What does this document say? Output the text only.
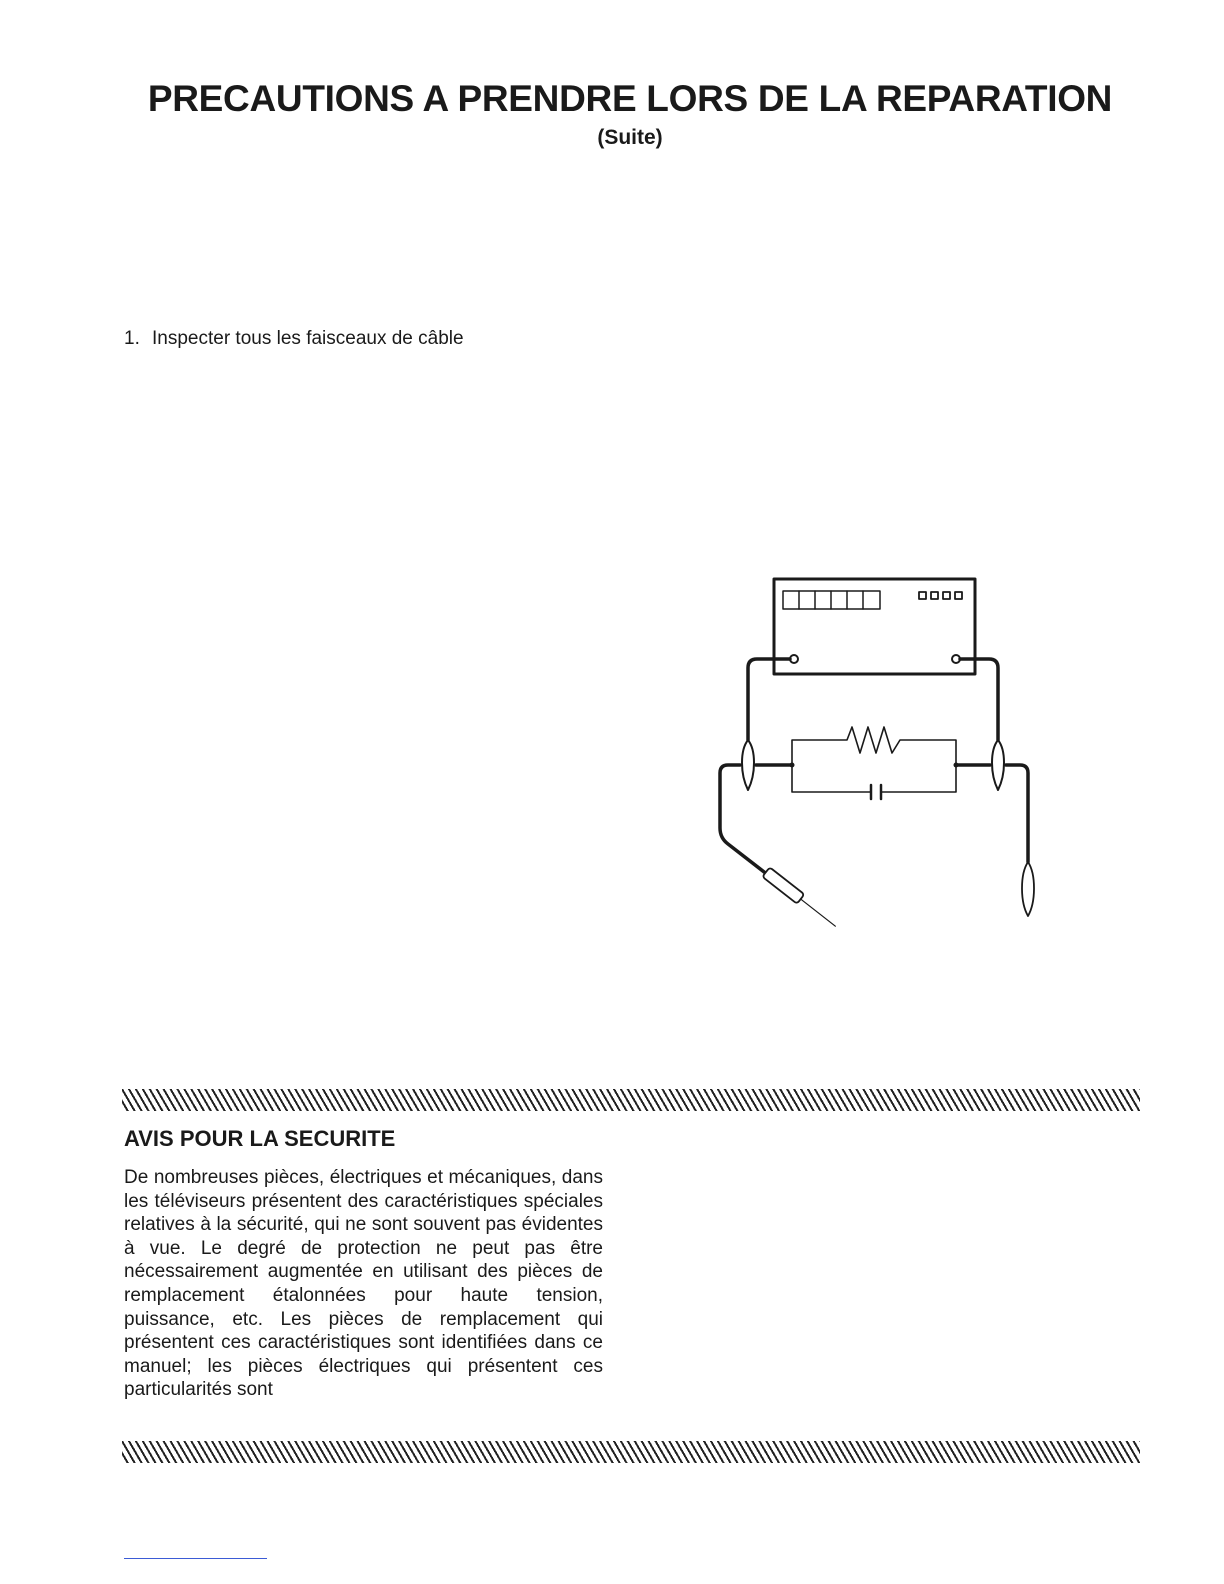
PRECAUTIONS A PRENDRE LORS DE LA REPARATION
(Suite)

1. Inspecter tous les faisceaux de câble

AVIS POUR LA SECURITE

De nombreuses pièces, électriques et mécaniques, dans les téléviseurs présentent des caractéristiques spéciales relatives à la sécurité, qui ne sont souvent pas évidentes à vue. Le degré de protection ne peut pas être nécessairement augmentée en utilisant des pièces de remplacement étalonnées pour haute tension, puissance, etc. Les pièces de remplacement qui présentent ces caractéristiques sont identifiées dans ce manuel; les pièces électriques qui présentent ces particularités sont
